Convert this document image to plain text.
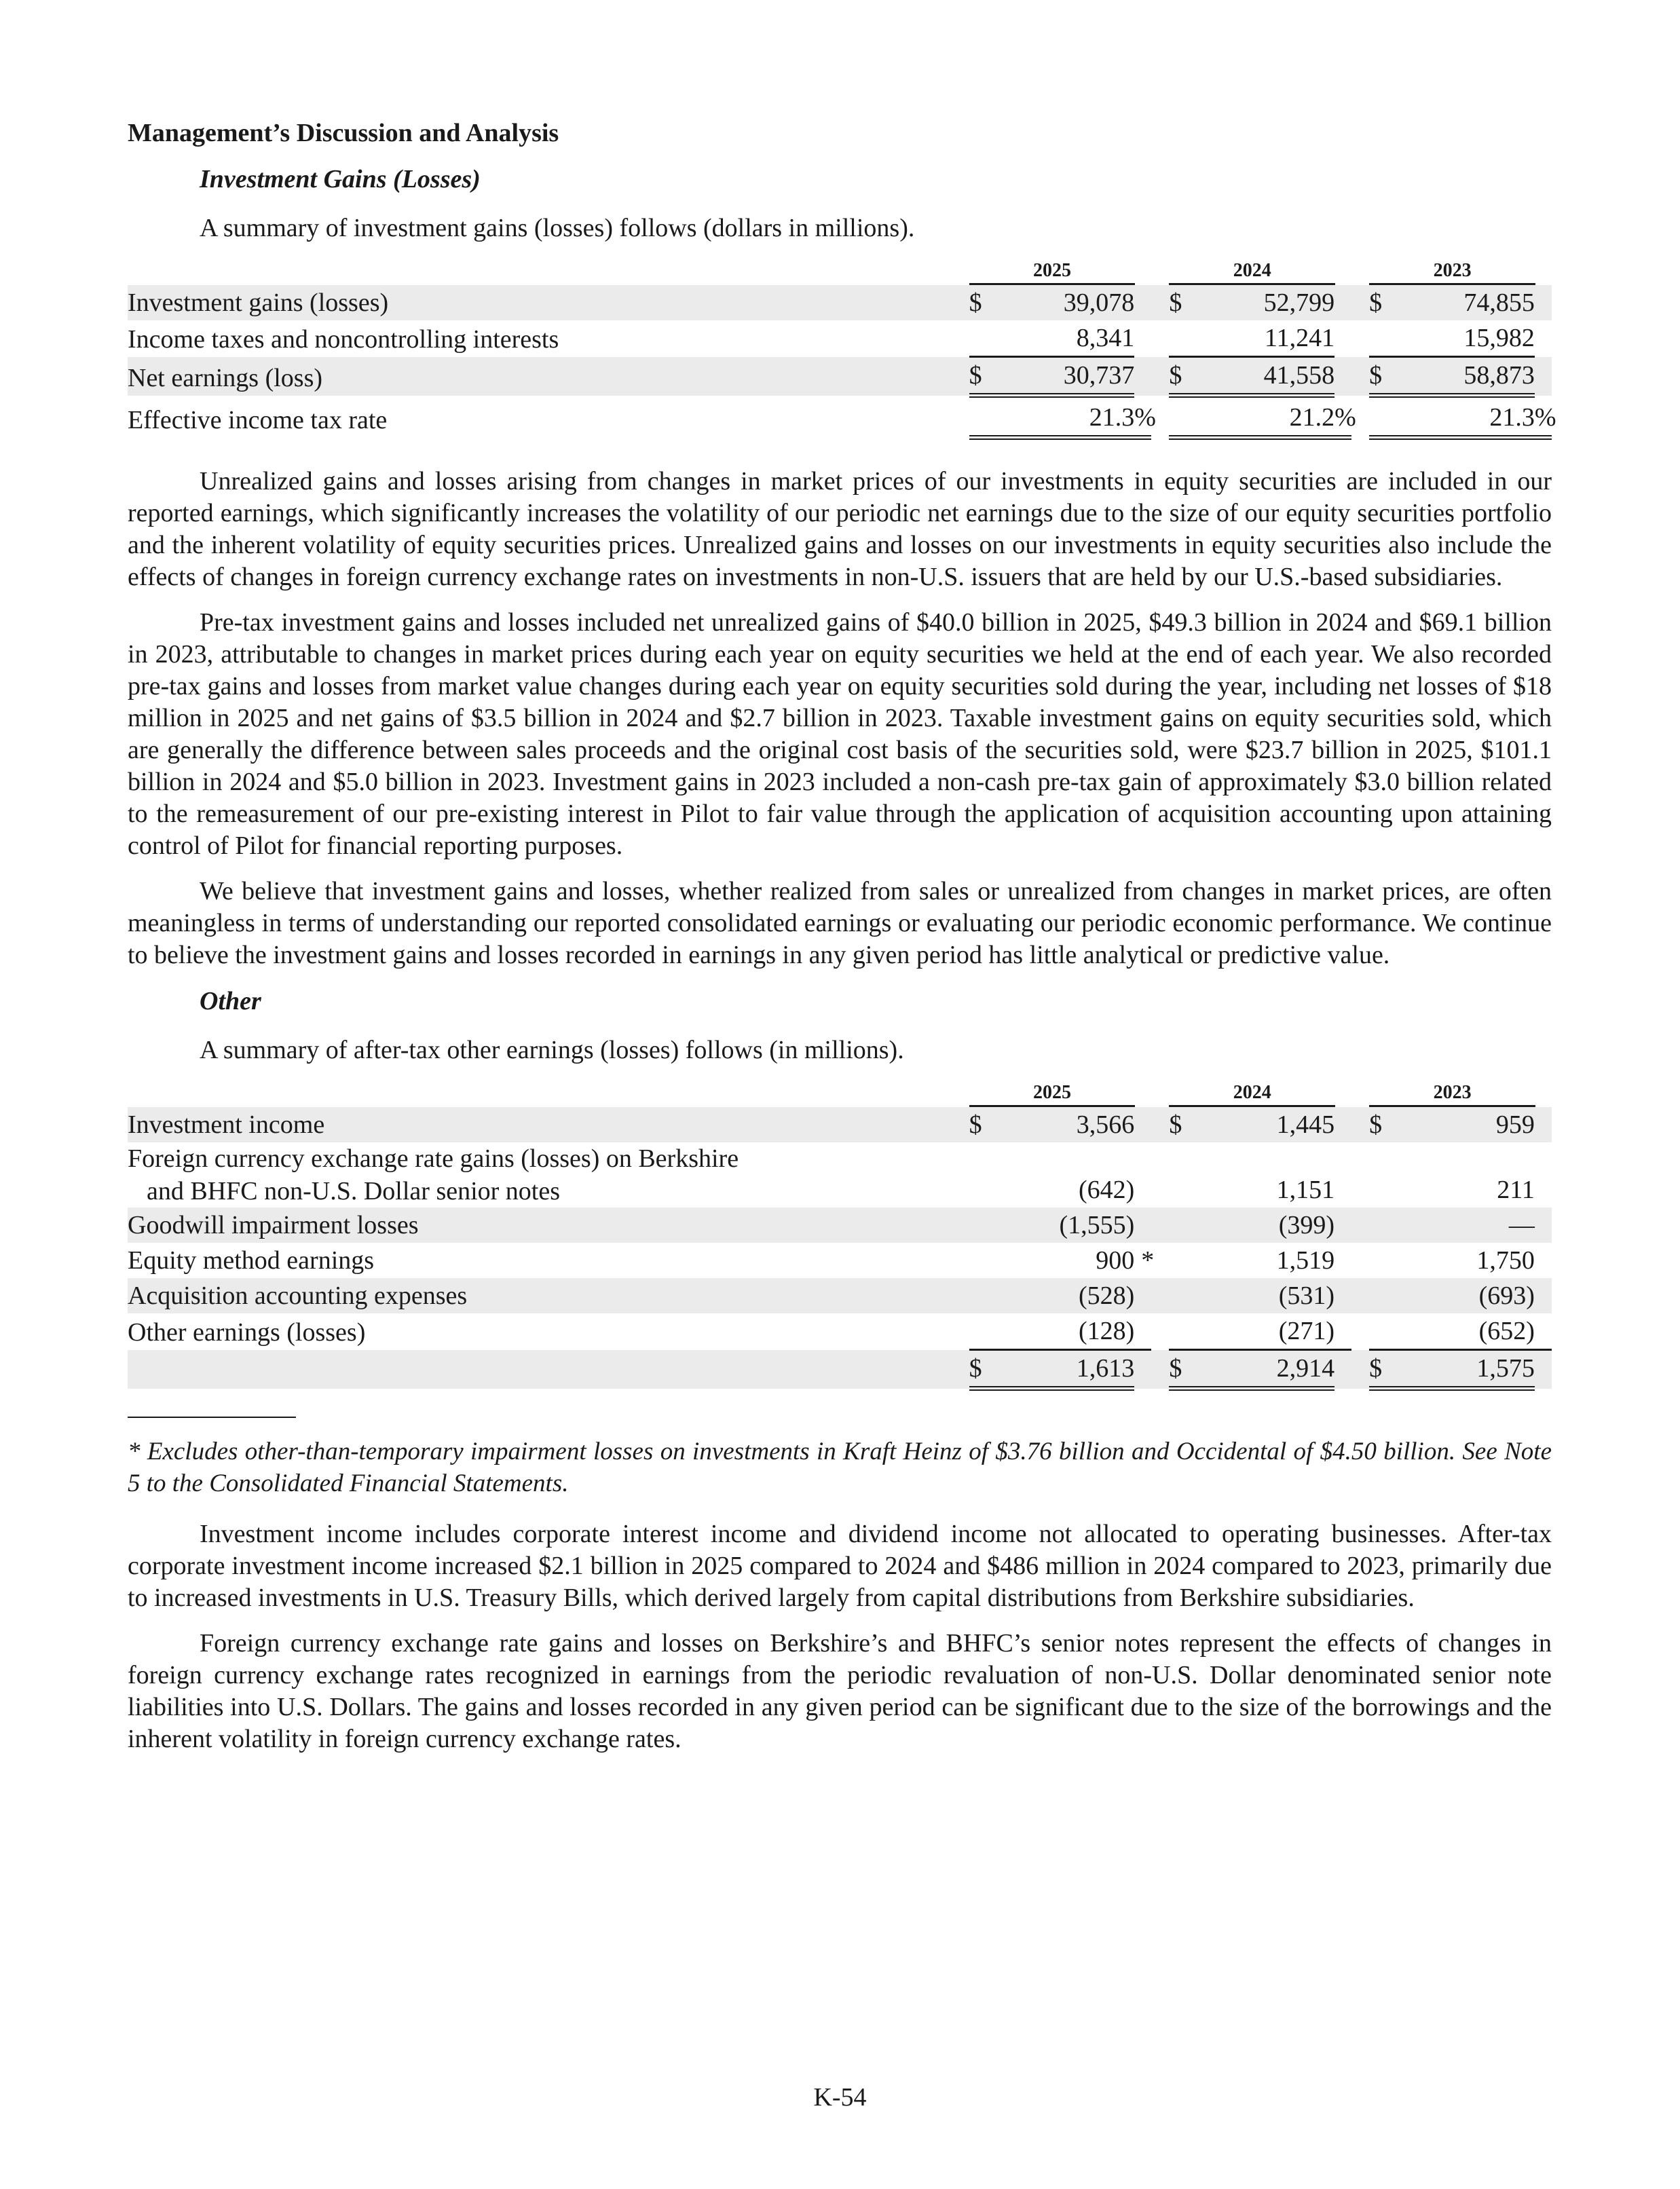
Management’s Discussion and Analysis
Investment Gains (Losses)
A summary of investment gains (losses) follows (dollars in millions).

	2025				2024				2023		

Investment gains (losses)	$	39,078			$	52,799			$	74,855	
Income taxes and noncontrolling interests		8,341				11,241				15,982	
Net earnings (loss)	$	30,737			$	41,558			$	58,873	
Effective income tax rate		21.3	%			21.2	%			21.3	%

Unrealized gains and losses arising from changes in market prices of our investments in equity securities are included in our reported earnings, which significantly increases the volatility of our periodic net earnings due to the size of our equity securities portfolio and the inherent volatility of equity securities prices. Unrealized gains and losses on our investments in equity securities also include the effects of changes in foreign currency exchange rates on investments in non-U.S. issuers that are held by our U.S.-based subsidiaries.

Pre-tax investment gains and losses included net unrealized gains of $40.0 billion in 2025, $49.3 billion in 2024 and $69.1 billion in 2023, attributable to changes in market prices during each year on equity securities we held at the end of each year. We also recorded pre-tax gains and losses from market value changes during each year on equity securities sold during the year, including net losses of $18 million in 2025 and net gains of $3.5 billion in 2024 and $2.7 billion in 2023. Taxable investment gains on equity securities sold, which are generally the difference between sales proceeds and the original cost basis of the securities sold, were $23.7 billion in 2025, $101.1 billion in 2024 and $5.0 billion in 2023. Investment gains in 2023 included a non-cash pre-tax gain of approximately $3.0 billion related to the remeasurement of our pre-existing interest in Pilot to fair value through the application of acquisition accounting upon attaining control of Pilot for financial reporting purposes.

We believe that investment gains and losses, whether realized from sales or unrealized from changes in market prices, are often meaningless in terms of understanding our reported consolidated earnings or evaluating our periodic economic performance. We continue to believe the investment gains and losses recorded in earnings in any given period has little analytical or predictive value.

Other
A summary of after-tax other earnings (losses) follows (in millions).

	2025				2024				2023		

Investment income	$	3,566			$	1,445			$	959	

Foreign currency exchange rate gains (losses) on Berkshire
and BHFC non-U.S. Dollar senior notes		(642)				1,151				211	
Goodwill impairment losses		(1,555)				(399)				—	
Equity method earnings		900	*			1,519				1,750	
Acquisition accounting expenses		(528)				(531)				(693)	
Other earnings (losses)		(128)				(271)				(652)	
	$	1,613			$	2,914			$	1,575	

* Excludes other-than-temporary impairment losses on investments in Kraft Heinz of $3.76 billion and Occidental of $4.50 billion. See Note 5 to the Consolidated Financial Statements.

Investment income includes corporate interest income and dividend income not allocated to operating businesses. After-tax corporate investment income increased $2.1 billion in 2025 compared to 2024 and $486 million in 2024 compared to 2023, primarily due to increased investments in U.S. Treasury Bills, which derived largely from capital distributions from Berkshire subsidiaries.

Foreign currency exchange rate gains and losses on Berkshire’s and BHFC’s senior notes represent the effects of changes in foreign currency exchange rates recognized in earnings from the periodic revaluation of non-U.S. Dollar denominated senior note liabilities into U.S. Dollars. The gains and losses recorded in any given period can be significant due to the size of the borrowings and the inherent volatility in foreign currency exchange rates.

K-54
